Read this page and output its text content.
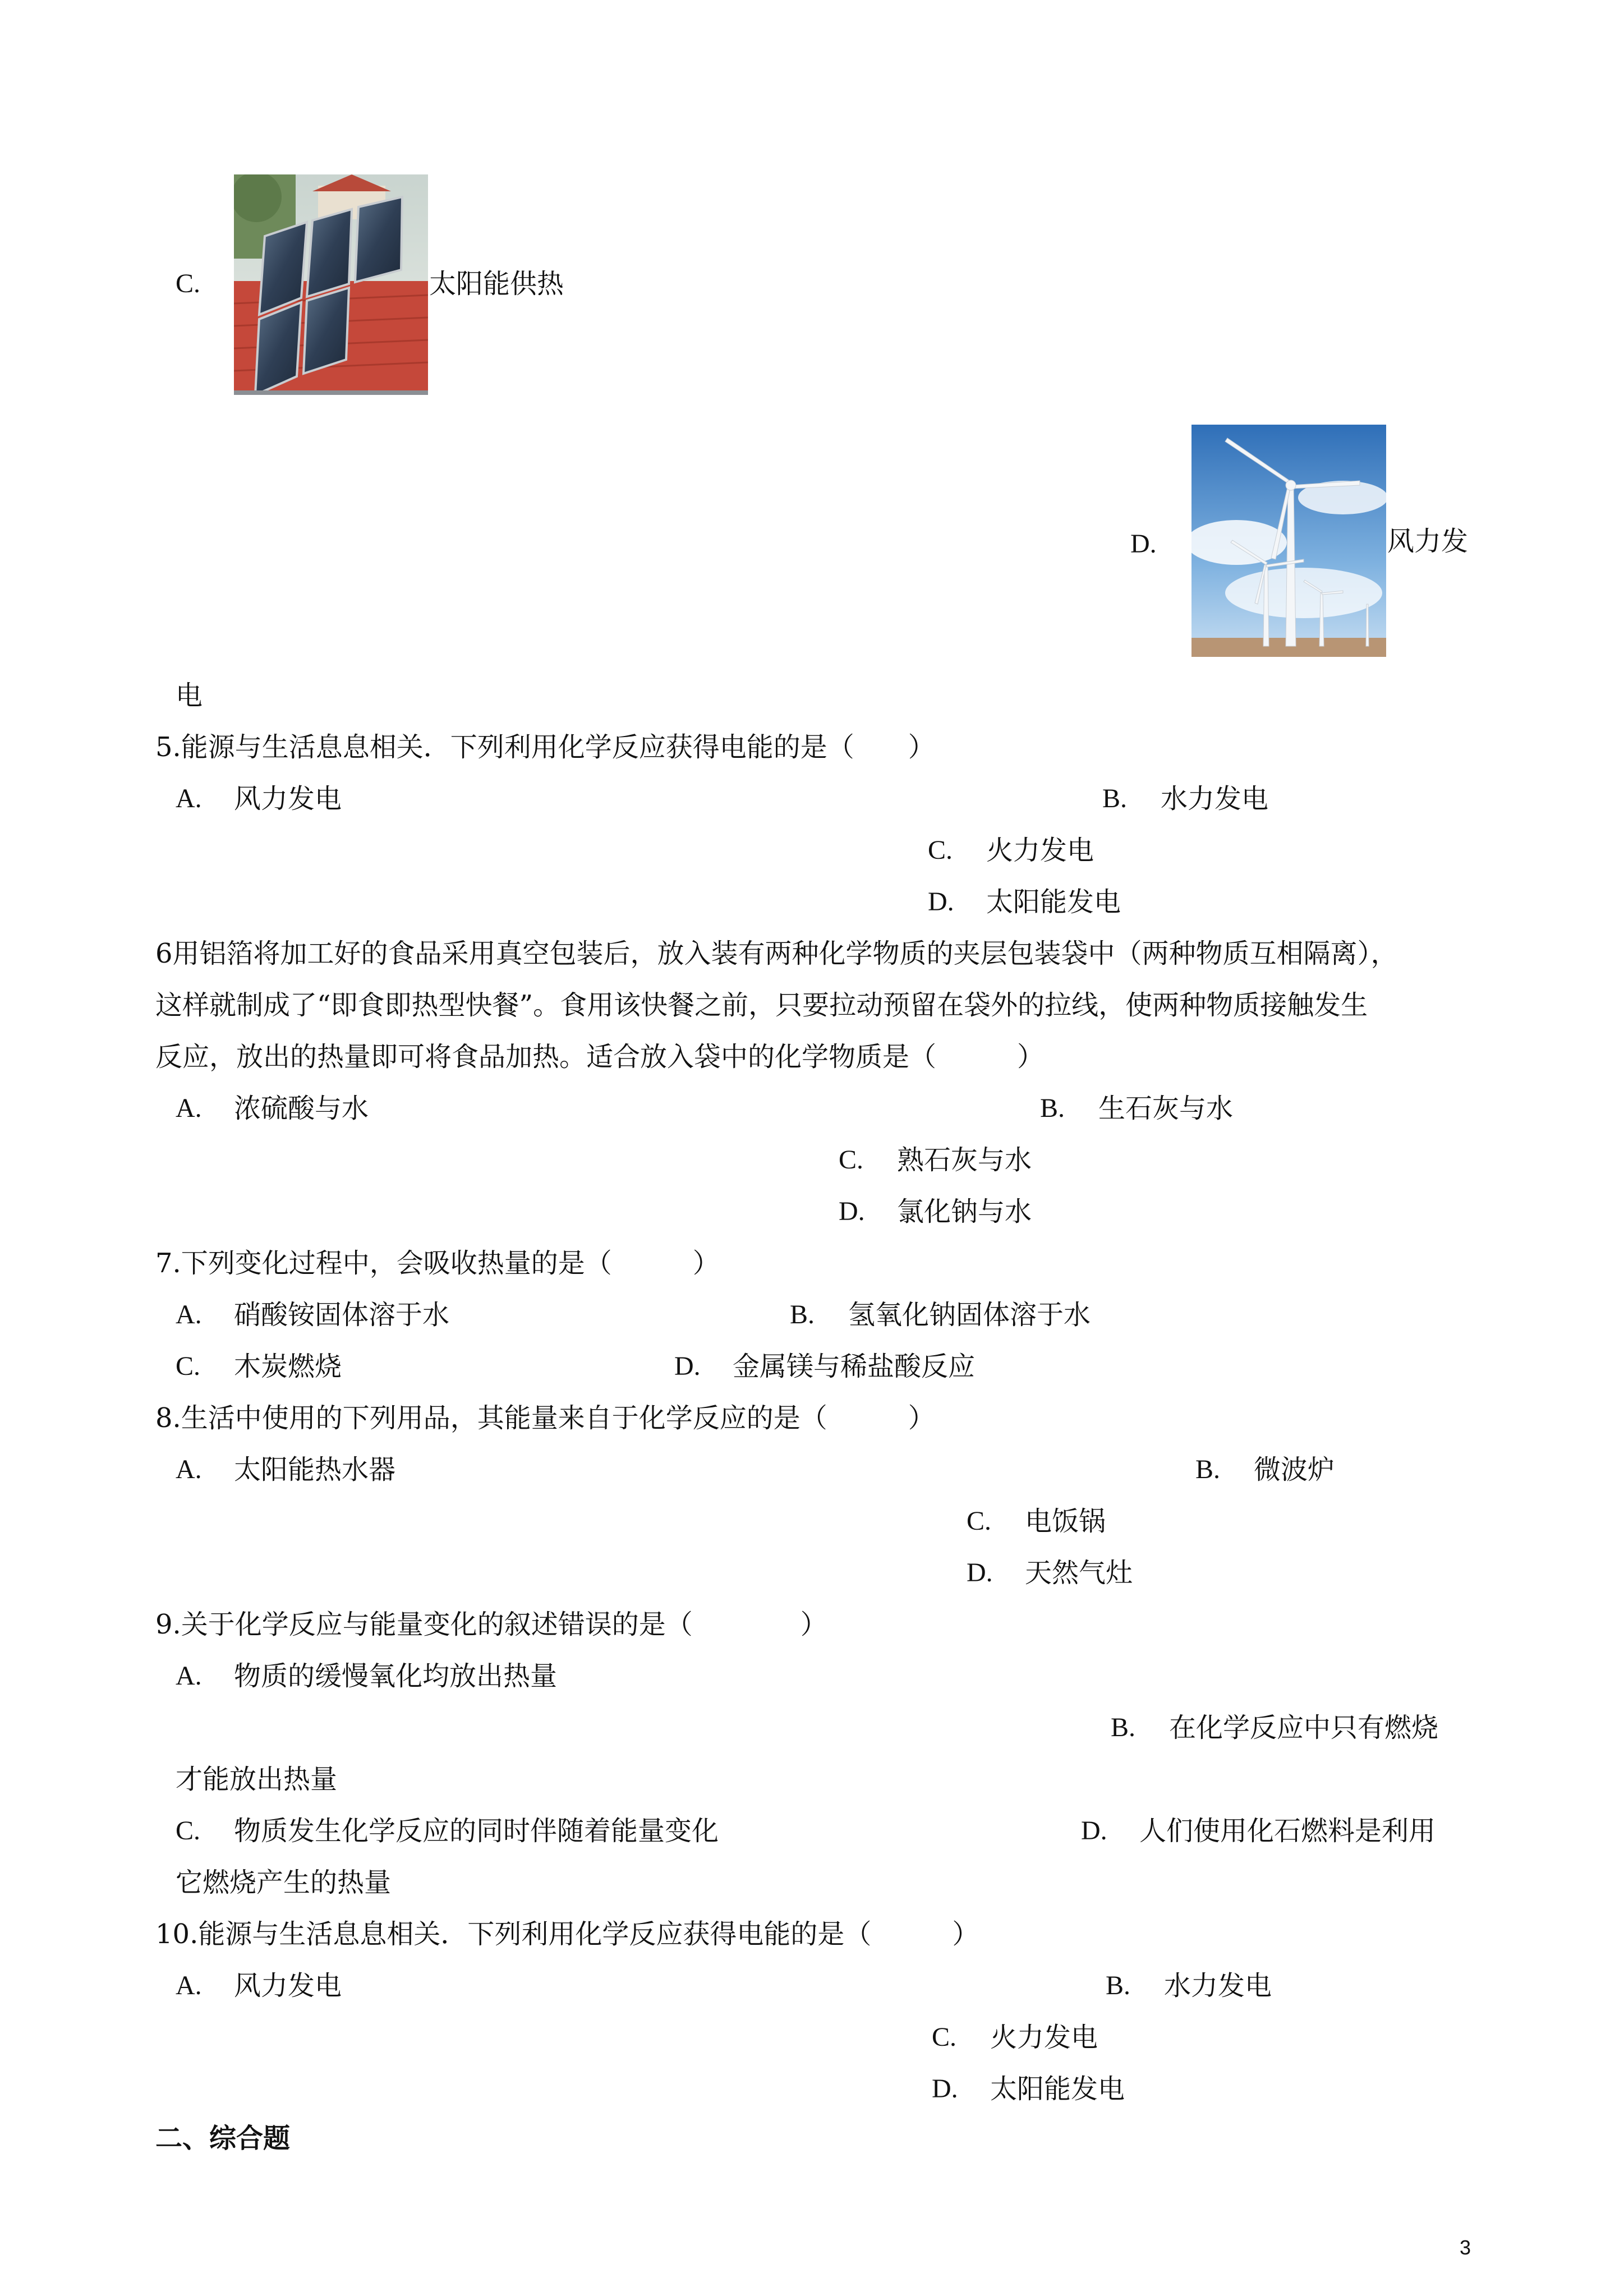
C.	太阳能供热
D.	风力发
电
5.能源与生活息息相关．下列利用化学反应获得电能的是（　　）
A. 风力发电	B. 水力发电
C. 火力发电
D. 太阳能发电
6用铝箔将加工好的食品采用真空包装后，放入装有两种化学物质的夹层包装袋中（两种物质互相隔离），
这样就制成了“即食即热型快餐”。食用该快餐之前，只要拉动预留在袋外的拉线，使两种物质接触发生
反应，放出的热量即可将食品加热。适合放入袋中的化学物质是（　　　）
A. 浓硫酸与水	B. 生石灰与水
C. 熟石灰与水
D. 氯化钠与水
7.下列变化过程中，会吸收热量的是（　　　）
A. 硝酸铵固体溶于水	B. 氢氧化钠固体溶于水
C. 木炭燃烧	D. 金属镁与稀盐酸反应
8.生活中使用的下列用品，其能量来自于化学反应的是（　　　）
A. 太阳能热水器	B. 微波炉
C. 电饭锅
D. 天然气灶
9.关于化学反应与能量变化的叙述错误的是（　　　　）
A. 物质的缓慢氧化均放出热量
B. 在化学反应中只有燃烧
才能放出热量
C. 物质发生化学反应的同时伴随着能量变化	D. 人们使用化石燃料是利用
它燃烧产生的热量
10.能源与生活息息相关．下列利用化学反应获得电能的是（　　　）
A. 风力发电	B. 水力发电
C. 火力发电
D. 太阳能发电
二、综合题
3
